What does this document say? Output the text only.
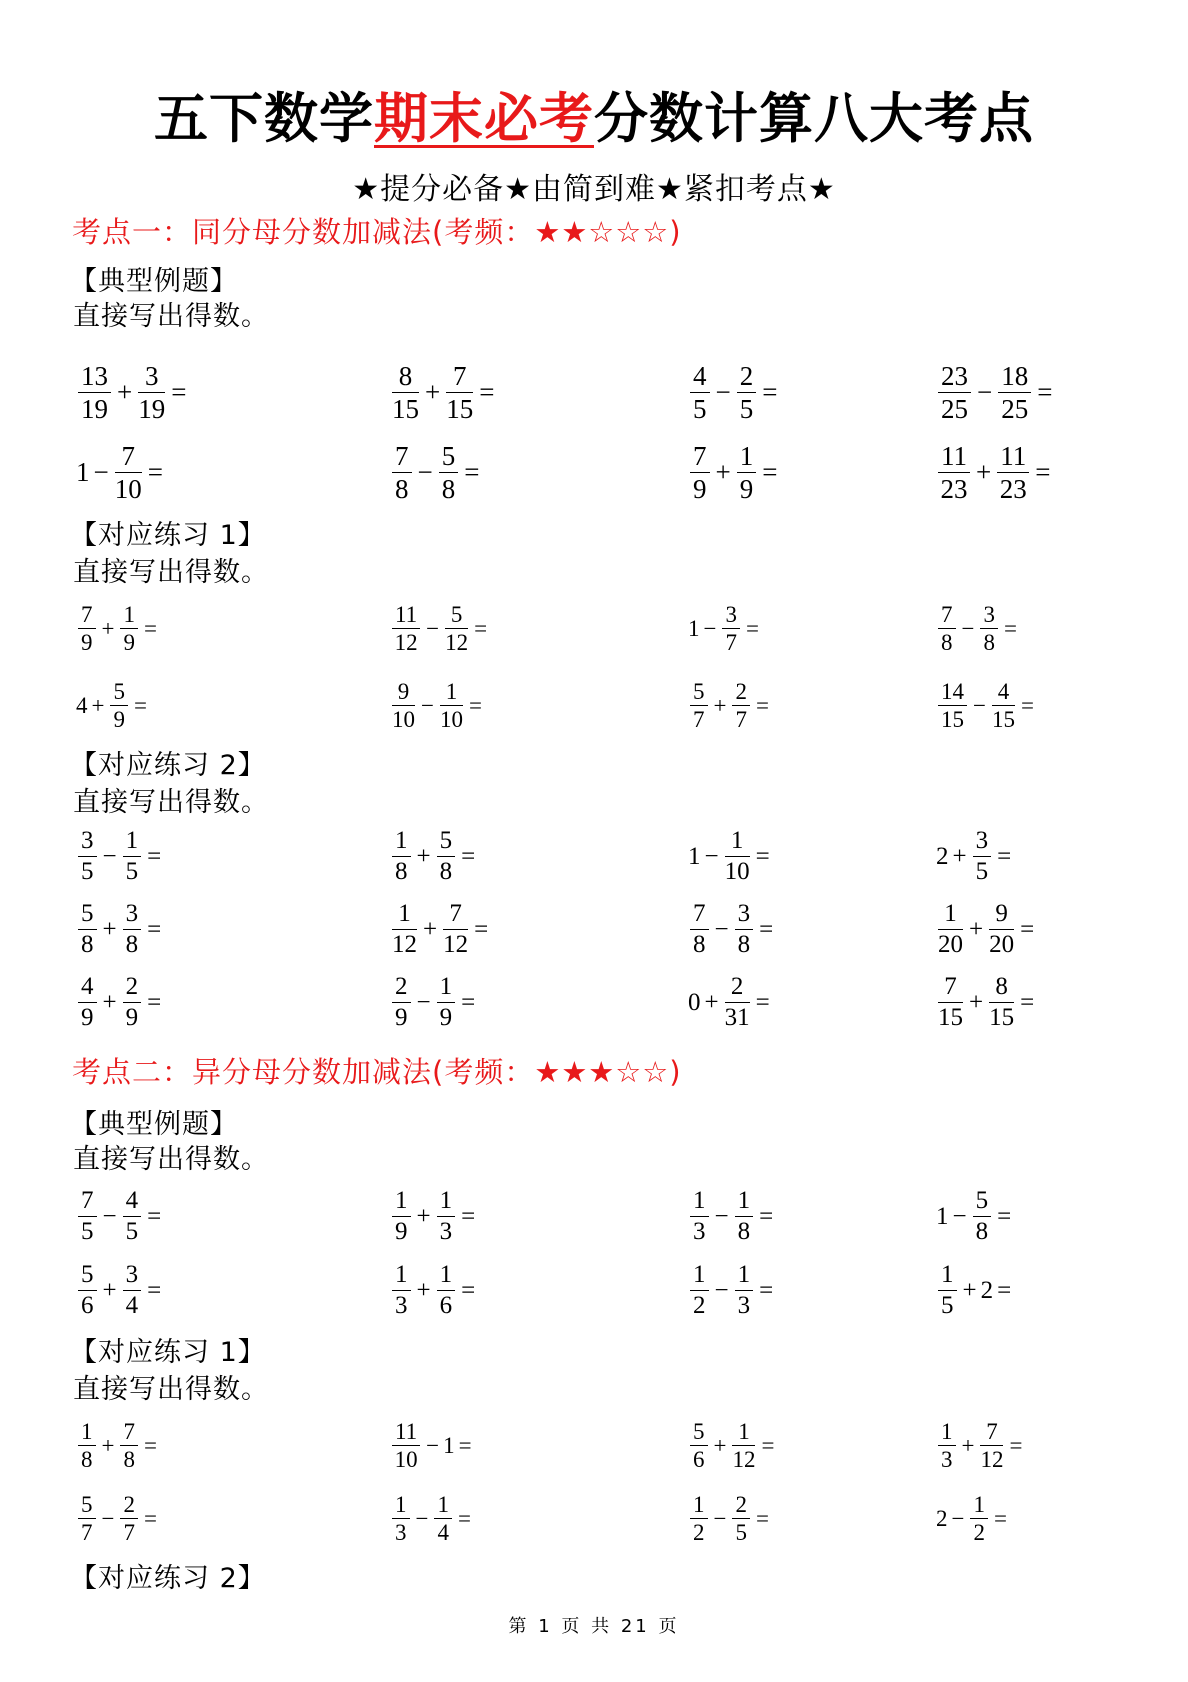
五下数学期末必考分数计算八大考点
★提分必备★由简到难★紧扣考点★
考点一：同分母分数加减法(考频：★★☆☆☆)
【典型例题】
直接写出得数。
【对应练习 1】
直接写出得数。
【对应练习 2】
直接写出得数。
考点二：异分母分数加减法(考频：★★★☆☆)
【典型例题】
直接写出得数。
【对应练习 1】
直接写出得数。
【对应练习 2】
第 1 页 共 21 页
$\frac{13}{19} + \frac{3}{19}$ =	$\frac{8}{15} + \frac{7}{15}$ =	$\frac{4}{5} - \frac{2}{5}$ =	$\frac{23}{25} - \frac{18}{25}$ =
$1 - \frac{7}{10}$ =	$\frac{7}{8} - \frac{5}{8}$ =	$\frac{7}{9} + \frac{1}{9}$ =	$\frac{11}{23} + \frac{11}{23}$ =
$\frac{7}{9} + \frac{1}{9}$ =	$\frac{11}{12} - \frac{5}{12}$ =	$1 - \frac{3}{7}$ =	$\frac{7}{8} - \frac{3}{8}$ =
$4 + \frac{5}{9}$ =	$\frac{9}{10} - \frac{1}{10}$ =	$\frac{5}{7} + \frac{2}{7}$ =	$\frac{14}{15} - \frac{4}{15}$ =
$\frac{3}{5} - \frac{1}{5}$ =	$\frac{1}{8} + \frac{5}{8}$ =	$1 - \frac{1}{10}$ =	$2 + \frac{3}{5}$ =
$\frac{5}{8} + \frac{3}{8}$ =	$\frac{1}{12} + \frac{7}{12}$ =	$\frac{7}{8} - \frac{3}{8}$ =	$\frac{1}{20} + \frac{9}{20}$ =
$\frac{4}{9} + \frac{2}{9}$ =	$\frac{2}{9} - \frac{1}{9}$ =	$0 + \frac{2}{31}$ =	$\frac{7}{15} + \frac{8}{15}$ =
$\frac{7}{5} - \frac{4}{5}$ =	$\frac{1}{9} + \frac{1}{3}$ =	$\frac{1}{3} - \frac{1}{8}$ =	$1 - \frac{5}{8}$ =
$\frac{5}{6} + \frac{3}{4}$ =	$\frac{1}{3} + \frac{1}{6}$ =	$\frac{1}{2} - \frac{1}{3}$ =	$\frac{1}{5} + 2$ =
$\frac{1}{8} + \frac{7}{8}$ =	$\frac{11}{10} - 1$ =	$\frac{5}{6} + \frac{1}{12}$ =	$\frac{1}{3} + \frac{7}{12}$ =
$\frac{5}{7} - \frac{2}{7}$ =	$\frac{1}{3} - \frac{1}{4}$ =	$\frac{1}{2} - \frac{2}{5}$ =	$2 - \frac{1}{2}$ =
